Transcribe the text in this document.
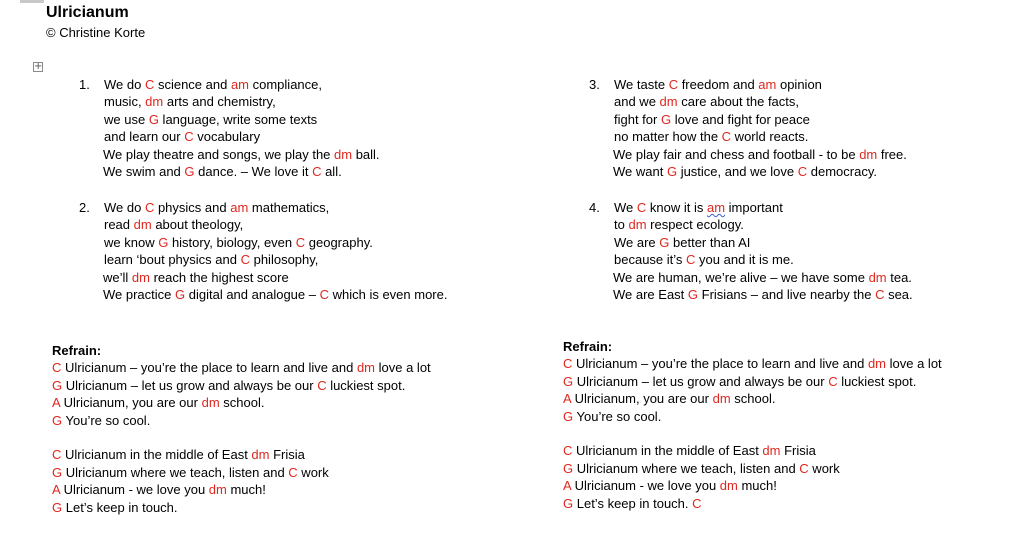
Ulricianum
© Christine Korte
+
1.	We do C science and am compliance,
music, dm arts and chemistry,
we use G language, write some texts
and learn our C vocabulary
We play theatre and songs, we play the dm ball.
We swim and G dance. – We love it C all.
2.	We do C physics and am mathematics,
read dm about theology,
we know G history, biology, even C geography.
learn ‘bout physics and C philosophy,
we’ll dm reach the highest score
We practice G digital and analogue – C which is even more.
3.	We taste C freedom and am opinion
and we dm care about the facts,
fight for G love and fight for peace
no matter how the C world reacts.
We play fair and chess and football - to be dm free.
We want G justice, and we love C democracy.
4.	We C know it is am important
to dm respect ecology.
We are G better than AI
because it’s C you and it is me.
We are human, we’re alive – we have some dm tea.
We are East G Frisians – and live nearby the C sea.
Refrain:
C Ulricianum – you’re the place to learn and live and dm love a lot
G Ulricianum – let us grow and always be our C luckiest spot.
A Ulricianum, you are our dm school.
G You’re so cool.
C Ulricianum in the middle of East dm Frisia
G Ulricianum where we teach, listen and C work
A Ulricianum - we love you dm much!
G Let’s keep in touch.
Refrain:
C Ulricianum – you’re the place to learn and live and dm love a lot
G Ulricianum – let us grow and always be our C luckiest spot.
A Ulricianum, you are our dm school.
G You’re so cool.
C Ulricianum in the middle of East dm Frisia
G Ulricianum where we teach, listen and C work
A Ulricianum - we love you dm much!
G Let’s keep in touch. C
